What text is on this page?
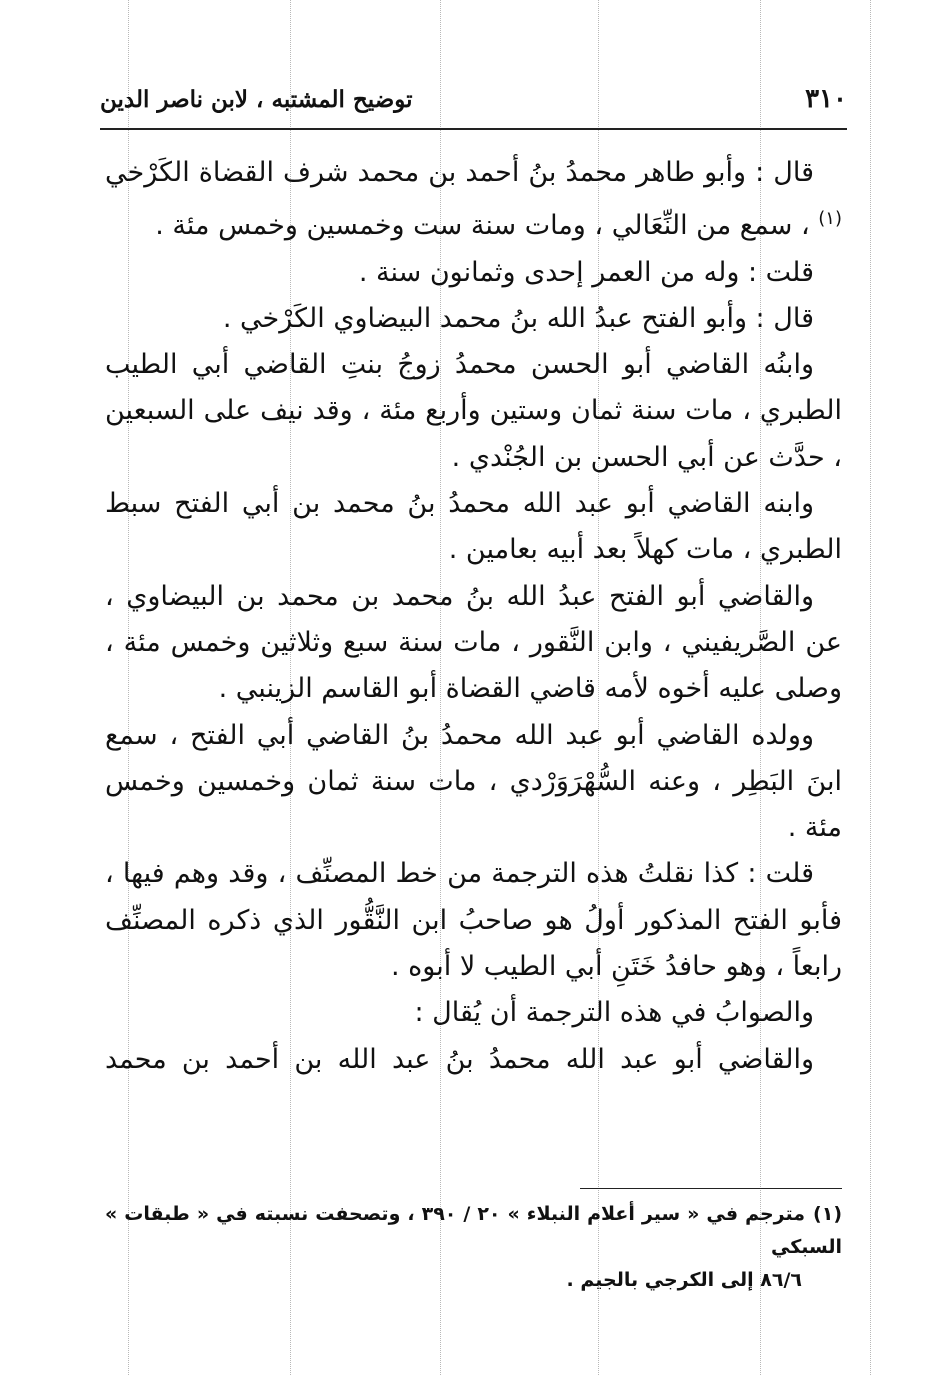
٣١٠
توضيح المشتبه ، لابن ناصر الدين

قال : وأبو طاهر محمدُ بنُ أحمد بن محمد شرف القضاة الكَرْخي $^{(١)}$ ، سمع من النِّعَالي ، ومات سنة ست وخمسين وخمس مئة .

قلت : وله من العمر إحدى وثمانون سنة .

قال : وأبو الفتح عبدُ الله بنُ محمد البيضاوي الكَرْخي .

وابنُه القاضي أبو الحسن محمدُ زوجُ بنتِ القاضي أبي الطيب الطبري ، مات سنة ثمان وستين وأربع مئة ، وقد نيف على السبعين ، حدَّث عن أبي الحسن بن الجُنْدي .

وابنه القاضي أبو عبد الله محمدُ بنُ محمد بن أبي الفتح سبط الطبري ، مات كهلاً بعد أبيه بعامين .

والقاضي أبو الفتح عبدُ الله بنُ محمد بن محمد بن البيضاوي ، عن الصَّريفيني ، وابن النَّقور ، مات سنة سبع وثلاثين وخمس مئة ، وصلى عليه أخوه لأمه قاضي القضاة أبو القاسم الزينبي .

وولده القاضي أبو عبد الله محمدُ بنُ القاضي أبي الفتح ، سمع ابنَ البَطِر ، وعنه السُّهْرَوَرْدي ، مات سنة ثمان وخمسين وخمس مئة .

قلت : كذا نقلتُ هذه الترجمة من خط المصنِّف ، وقد وهم فيها ، فأبو الفتح المذكور أولُ هو صاحبُ ابن النَّقُّور الذي ذكره المصنِّف رابعاً ، وهو حافدُ خَتَنِ أبي الطيب لا أبوه .

والصوابُ في هذه الترجمة أن يُقال :

والقاضي أبو عبد الله محمدُ بنُ عبد الله بن أحمد بن محمد

(١)مترجم في « سير أعلام النبلاء » ٢٠ / ٣٩٠ ، وتصحفت نسبته في « طبقات » السبكي

٨٦/٦ إلى الكرجي بالجيم .
